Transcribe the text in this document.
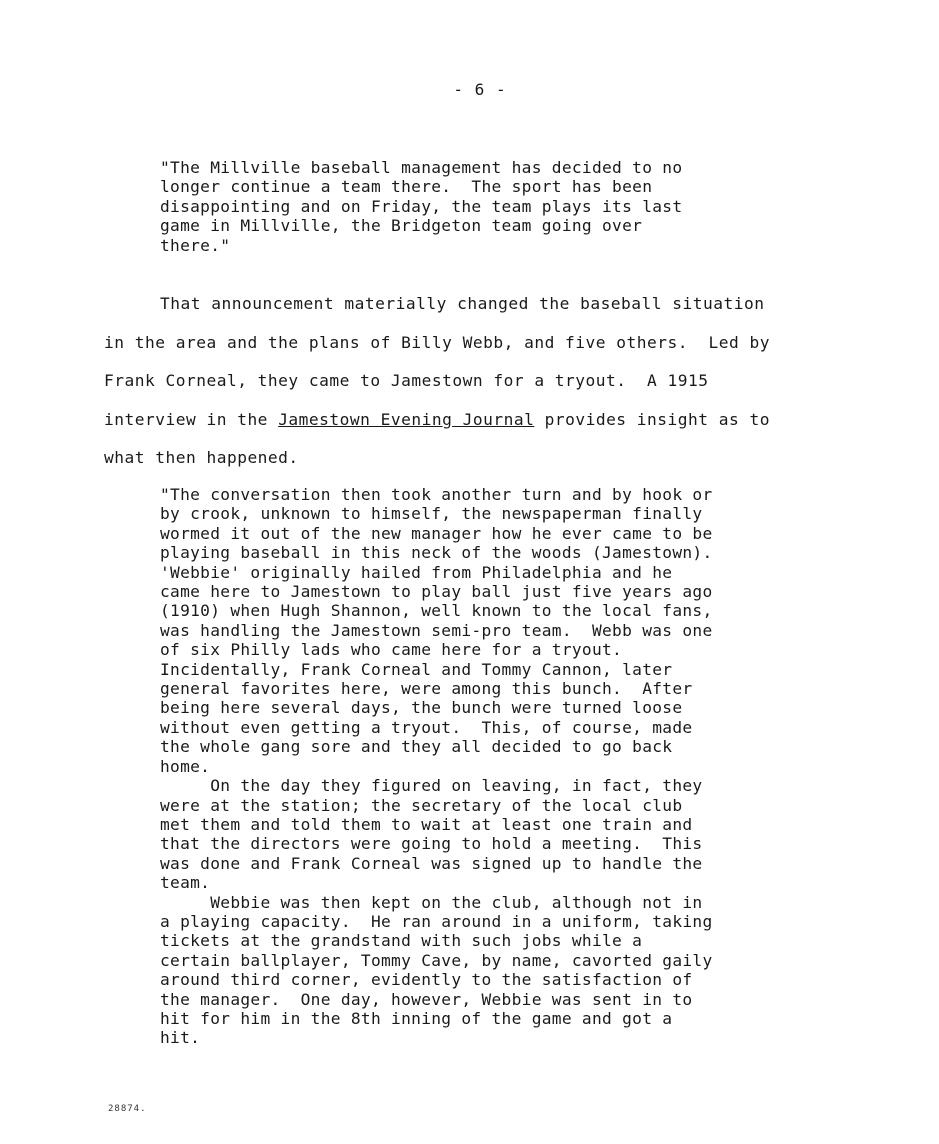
- 6 -
"The Millville baseball management has decided to no
longer continue a team there.  The sport has been
disappointing and on Friday, the team plays its last
game in Millville, the Bridgeton team going over
there."
That announcement materially changed the baseball situation
in the area and the plans of Billy Webb, and five others.  Led by
Frank Corneal, they came to Jamestown for a tryout.  A 1915
interview in the Jamestown Evening Journal provides insight as to
what then happened.
"The conversation then took another turn and by hook or
by crook, unknown to himself, the newspaperman finally
wormed it out of the new manager how he ever came to be
playing baseball in this neck of the woods (Jamestown).
'Webbie' originally hailed from Philadelphia and he
came here to Jamestown to play ball just five years ago
(1910) when Hugh Shannon, well known to the local fans,
was handling the Jamestown semi-pro team.  Webb was one
of six Philly lads who came here for a tryout.
Incidentally, Frank Corneal and Tommy Cannon, later
general favorites here, were among this bunch.  After
being here several days, the bunch were turned loose
without even getting a tryout.  This, of course, made
the whole gang sore and they all decided to go back
home.
On the day they figured on leaving, in fact, they
were at the station; the secretary of the local club
met them and told them to wait at least one train and
that the directors were going to hold a meeting.  This
was done and Frank Corneal was signed up to handle the
team.
Webbie was then kept on the club, although not in
a playing capacity.  He ran around in a uniform, taking
tickets at the grandstand with such jobs while a
certain ballplayer, Tommy Cave, by name, cavorted gaily
around third corner, evidently to the satisfaction of
the manager.  One day, however, Webbie was sent in to
hit for him in the 8th inning of the game and got a
hit.
28874.
